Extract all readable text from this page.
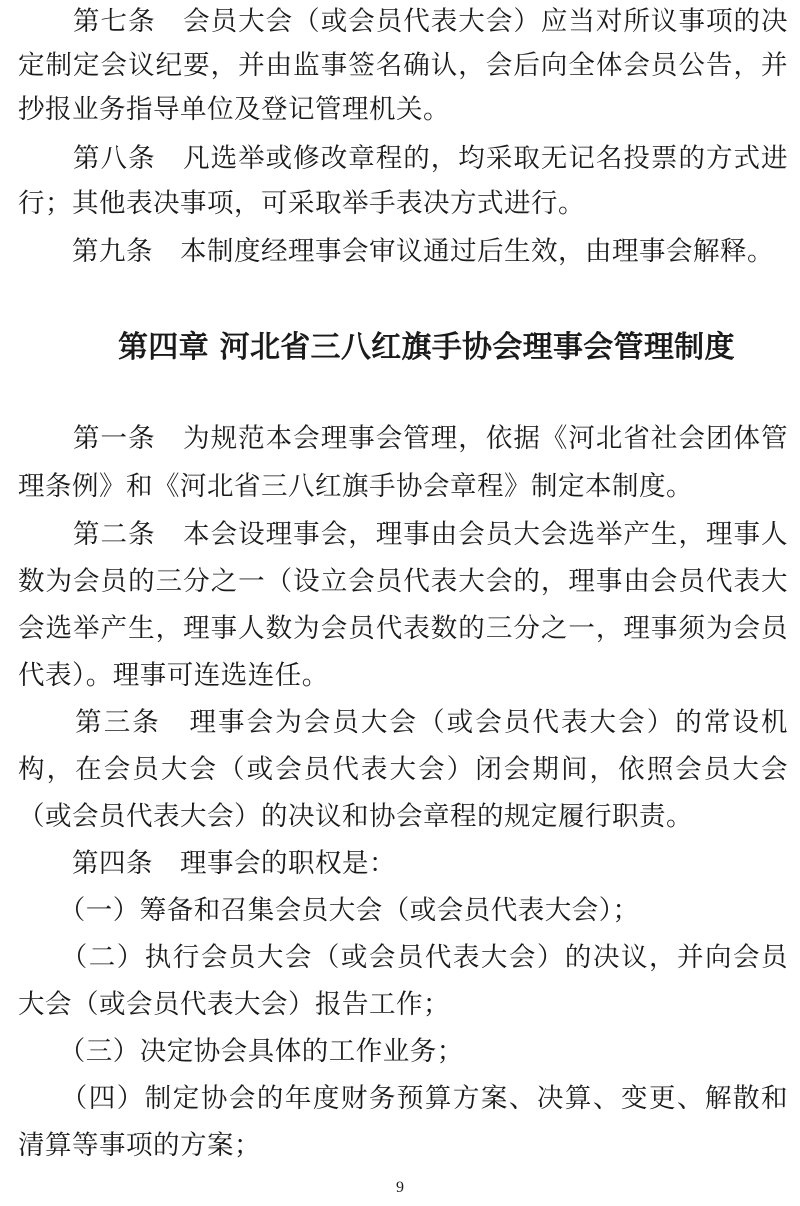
　　第七条　会员大会（或会员代表大会）应当对所议事项的决
定制定会议纪要，并由监事签名确认，会后向全体会员公告，并
抄报业务指导单位及登记管理机关。
　　第八条　凡选举或修改章程的，均采取无记名投票的方式进
行；其他表决事项，可采取举手表决方式进行。
　　第九条　本制度经理事会审议通过后生效，由理事会解释。
第四章 河北省三八红旗手协会理事会管理制度
　　第一条　为规范本会理事会管理，依据《河北省社会团体管
理条例》和《河北省三八红旗手协会章程》制定本制度。
　　第二条　本会设理事会，理事由会员大会选举产生，理事人
数为会员的三分之一（设立会员代表大会的，理事由会员代表大
会选举产生，理事人数为会员代表数的三分之一，理事须为会员
代表）。理事可连选连任。
　　第三条　理事会为会员大会（或会员代表大会）的常设机
构，在会员大会（或会员代表大会）闭会期间，依照会员大会
（或会员代表大会）的决议和协会章程的规定履行职责。
　　第四条　理事会的职权是：
　　（一）筹备和召集会员大会（或会员代表大会）；
　　（二）执行会员大会（或会员代表大会）的决议，并向会员
大会（或会员代表大会）报告工作；
　　（三）决定协会具体的工作业务；
　　（四）制定协会的年度财务预算方案、决算、变更、解散和
清算等事项的方案；
9
